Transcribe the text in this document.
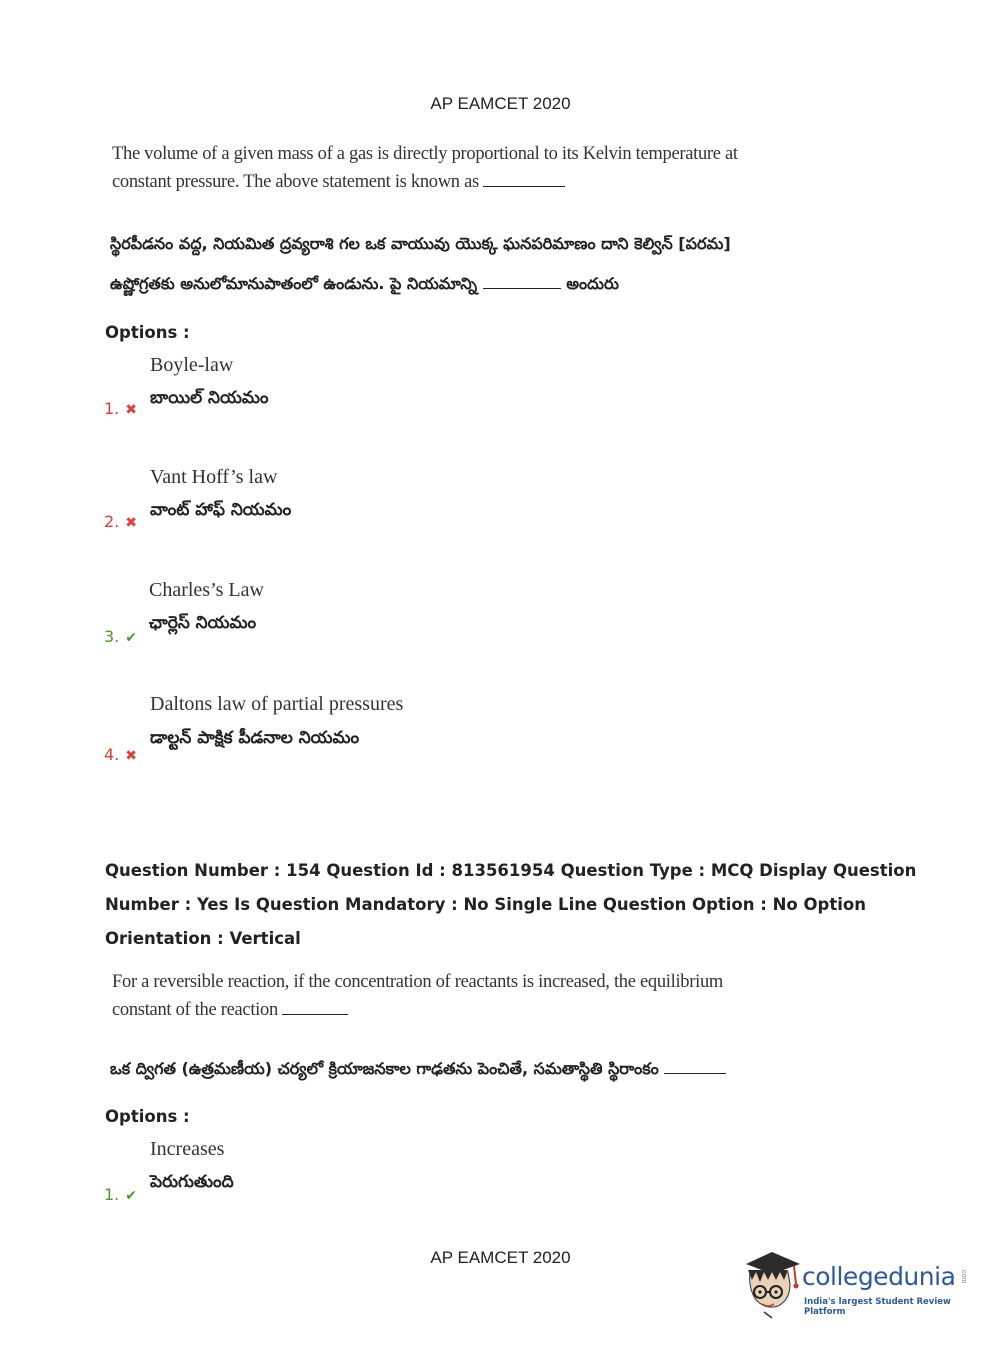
AP EAMCET 2020
The volume of a given mass of a gas is directly proportional to its Kelvin temperature at
constant pressure. The above statement is known as
స్థిరపీడనం వద్ద, నియమిత ద్రవ్యరాశి గల ఒక వాయువు యొక్క ఘనపరిమాణం దాని కెల్విన్ [పరమ]
ఉష్ణోగ్రతకు అనులోమానుపాతంలో ఉండును. పై నియమాన్ని	అందురు
Options :
Boyle-law
బాయిల్ నియమం
1. ✖
Vant Hoff’s law
వాంట్ హాఫ్ నియమం
2. ✖
Charles’s Law
ఛార్లెస్ నియమం
3. ✔
Daltons law of partial pressures
డాల్టన్ పాక్షిక పీడనాల నియమం
4. ✖
Question Number : 154 Question Id : 813561954 Question Type : MCQ Display Question
Number : Yes Is Question Mandatory : No Single Line Question Option : No Option
Orientation : Vertical
For a reversible reaction, if the concentration of reactants is increased, the equilibrium
constant of the reaction
ఒక ద్విగత (ఉత్రమణీయ) చర్యలో క్రియాజనకాల గాఢతను పెంచితే, సమతాస్థితి స్థిరాంకం
Options :
Increases
పెరుగుతుంది
1. ✔
AP EAMCET 2020
collegedunia .com
India's largest Student Review Platform
